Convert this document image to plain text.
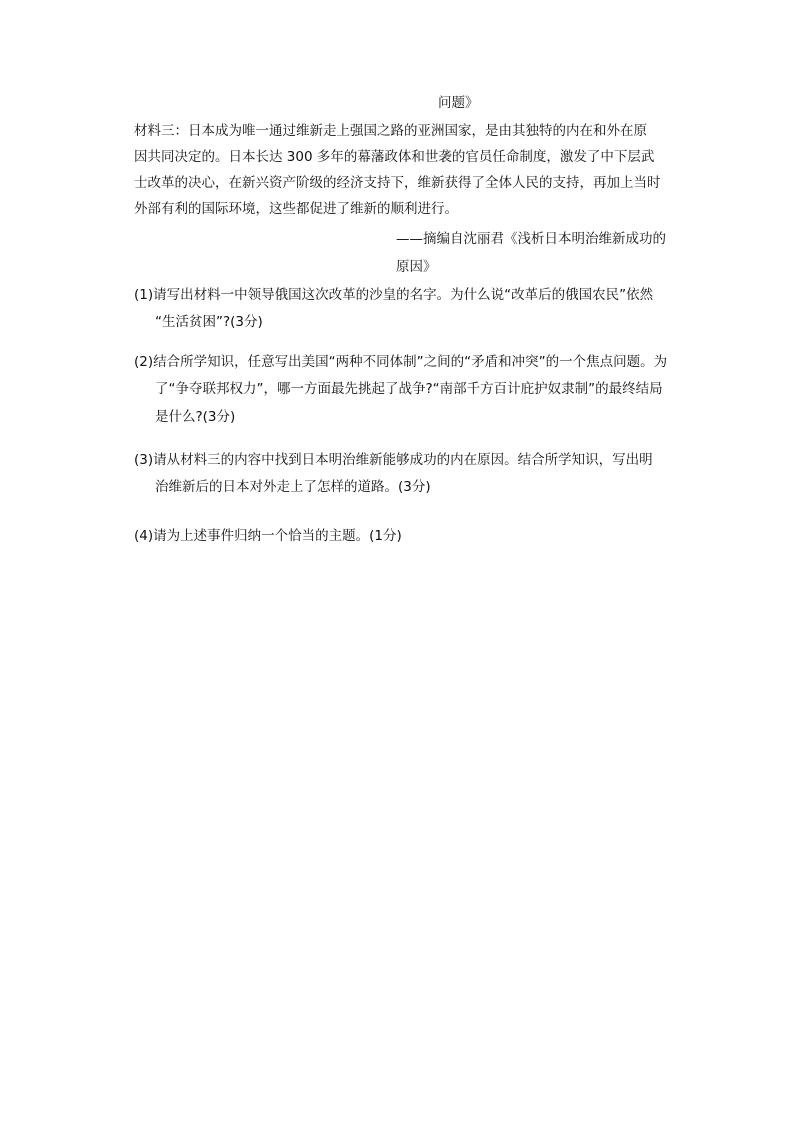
问题》
材料三：日本成为唯一通过维新走上强国之路的亚洲国家，是由其独特的内在和外在原
因共同决定的。日本长达 300 多年的幕藩政体和世袭的官员任命制度，激发了中下层武
士改革的决心，在新兴资产阶级的经济支持下，维新获得了全体人民的支持，再加上当时
外部有利的国际环境，这些都促进了维新的顺利进行。
——摘编自沈丽君《浅析日本明治维新成功的
原因》
(1)请写出材料一中领导俄国这次改革的沙皇的名字。为什么说“改革后的俄国农民”依然
“生活贫困”?(3分)
(2)结合所学知识，任意写出美国“两种不同体制”之间的“矛盾和冲突”的一个焦点问题。为
了“争夺联邦权力”，哪一方面最先挑起了战争?“南部千方百计庇护奴隶制”的最终结局
是什么?(3分)
(3)请从材料三的内容中找到日本明治维新能够成功的内在原因。结合所学知识，写出明
治维新后的日本对外走上了怎样的道路。(3分)
(4)请为上述事件归纳一个恰当的主题。(1分)
